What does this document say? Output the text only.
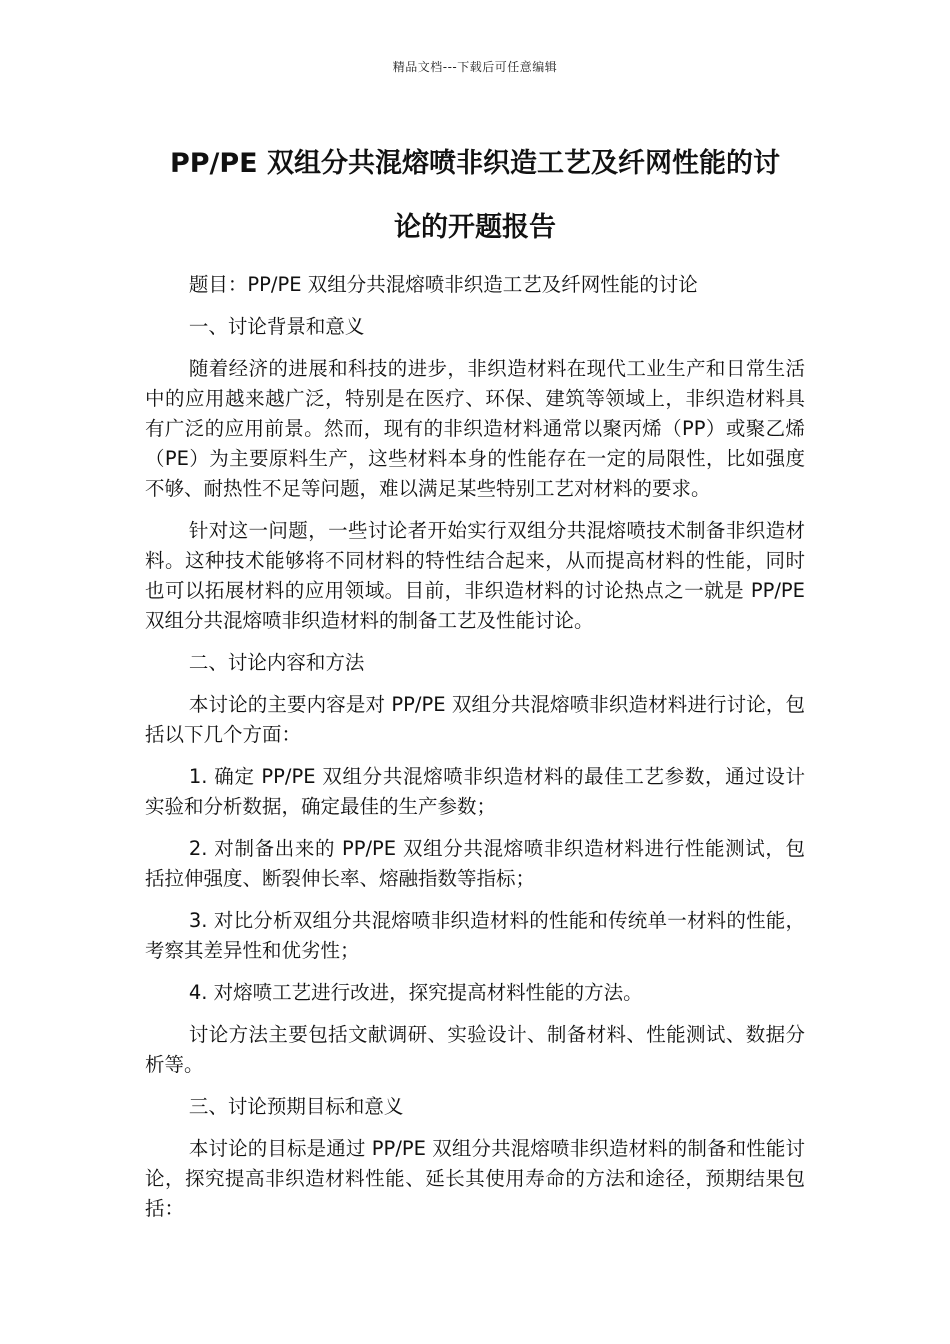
精品文档---下载后可任意编辑
PP/PE 双组分共混熔喷非织造工艺及纤网性能的讨
论的开题报告

题目：PP/PE 双组分共混熔喷非织造工艺及纤网性能的讨论

一、讨论背景和意义

随着经济的进展和科技的进步，非织造材料在现代工业生产和日常生活中的应用越来越广泛，特别是在医疗、环保、建筑等领域上，非织造材料具有广泛的应用前景。然而，现有的非织造材料通常以聚丙烯（PP）或聚乙烯（PE）为主要原料生产，这些材料本身的性能存在一定的局限性，比如强度不够、耐热性不足等问题，难以满足某些特别工艺对材料的要求。

针对这一问题，一些讨论者开始实行双组分共混熔喷技术制备非织造材料。这种技术能够将不同材料的特性结合起来，从而提高材料的性能，同时也可以拓展材料的应用领域。目前，非织造材料的讨论热点之一就是 PP/PE 双组分共混熔喷非织造材料的制备工艺及性能讨论。

二、讨论内容和方法

本讨论的主要内容是对 PP/PE 双组分共混熔喷非织造材料进行讨论，包括以下几个方面：

1. 确定 PP/PE 双组分共混熔喷非织造材料的最佳工艺参数，通过设计实验和分析数据，确定最佳的生产参数；

2. 对制备出来的 PP/PE 双组分共混熔喷非织造材料进行性能测试，包括拉伸强度、断裂伸长率、熔融指数等指标；

3. 对比分析双组分共混熔喷非织造材料的性能和传统单一材料的性能，考察其差异性和优劣性；

4. 对熔喷工艺进行改进，探究提高材料性能的方法。

讨论方法主要包括文献调研、实验设计、制备材料、性能测试、数据分析等。

三、讨论预期目标和意义

本讨论的目标是通过 PP/PE 双组分共混熔喷非织造材料的制备和性能讨论，探究提高非织造材料性能、延长其使用寿命的方法和途径，预期结果包括：
